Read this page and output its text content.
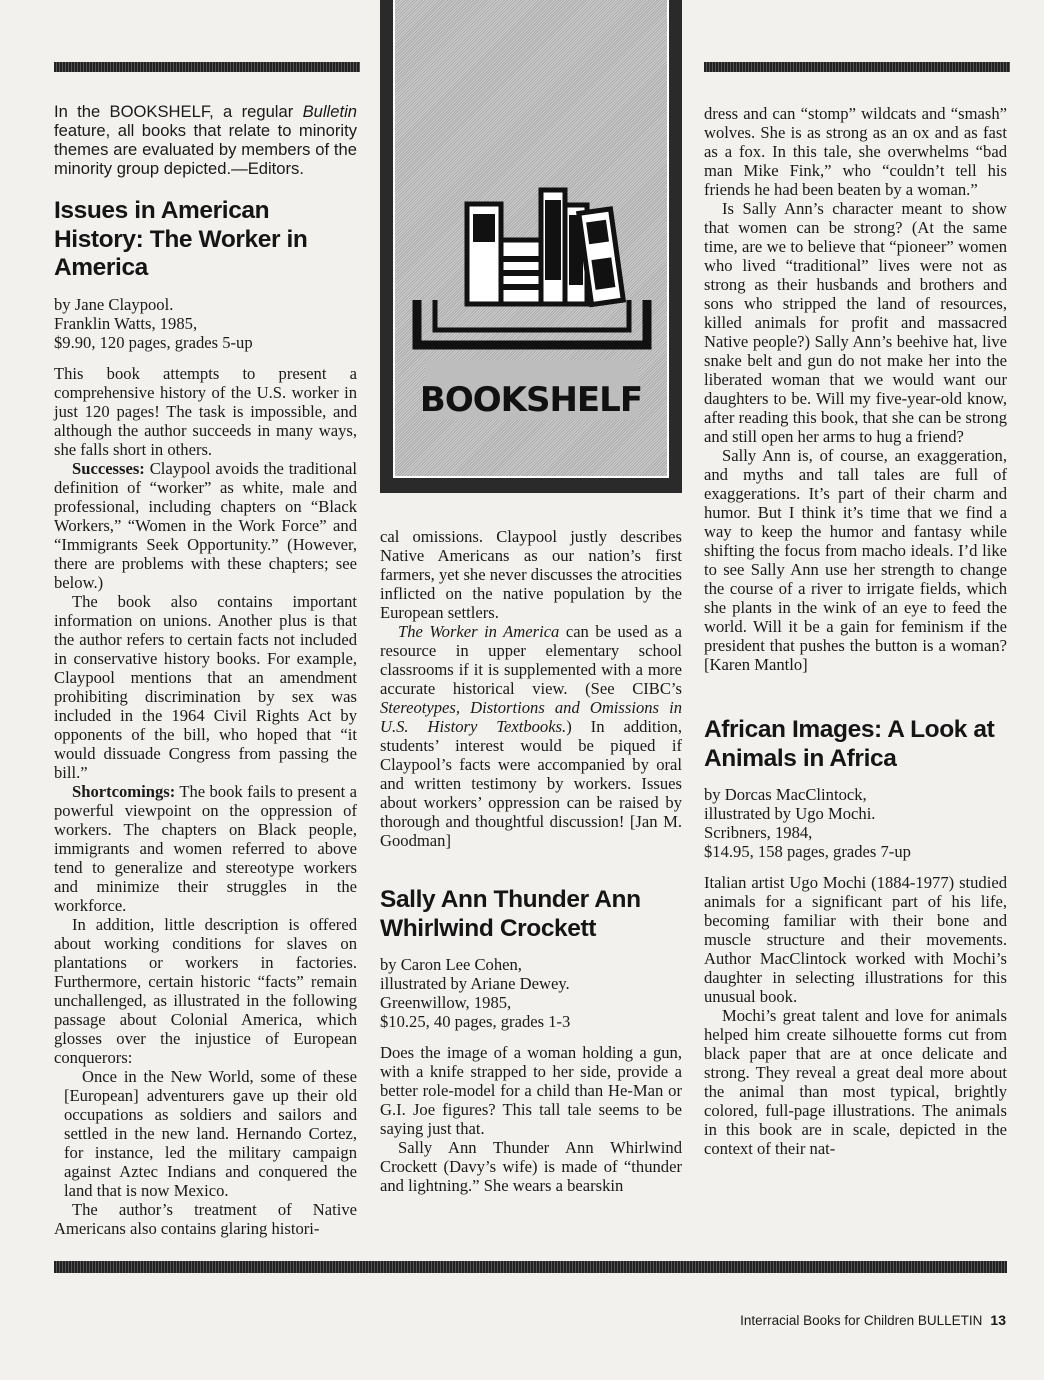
BOOKSHELF

In the BOOKSHELF, a regular Bulletin feature, all books that relate to minority themes are evaluated by members of the minority group depicted.—Editors.

Issues in American History: The Worker in America
by Jane Claypool.
Franklin Watts, 1985,
$9.90, 120 pages, grades 5-up

This book attempts to present a comprehensive history of the U.S. worker in just 120 pages! The task is impossible, and although the author succeeds in many ways, she falls short in others.

Successes: Claypool avoids the traditional definition of “worker” as white, male and professional, including chapters on “Black Workers,” “Women in the Work Force” and “Immigrants Seek Opportunity.” (However, there are problems with these chapters; see below.)

The book also contains important information on unions. Another plus is that the author refers to certain facts not included in conservative history books. For example, Claypool mentions that an amendment prohibiting discrimination by sex was included in the 1964 Civil Rights Act by opponents of the bill, who hoped that “it would dissuade Congress from passing the bill.”

Shortcomings: The book fails to present a powerful viewpoint on the oppression of workers. The chapters on Black people, immigrants and women referred to above tend to generalize and stereotype workers and minimize their struggles in the workforce.

In addition, little description is offered about working conditions for slaves on plantations or workers in factories. Furthermore, certain historic “facts” remain unchallenged, as illustrated in the following passage about Colonial America, which glosses over the injustice of European conquerors:

Once in the New World, some of these [European] adventurers gave up their old occupations as soldiers and sailors and settled in the new land. Hernando Cortez, for instance, led the military campaign against Aztec Indians and conquered the land that is now Mexico.

The author’s treatment of Native Americans also contains glaring histori-

cal omissions. Claypool justly describes Native Americans as our nation’s first farmers, yet she never discusses the atrocities inflicted on the native population by the European settlers.

The Worker in America can be used as a resource in upper elementary school classrooms if it is supplemented with a more accurate historical view. (See CIBC’s Stereotypes, Distortions and Omissions in U.S. History Textbooks.) In addition, students’ interest would be piqued if Claypool’s facts were accompanied by oral and written testimony by workers. Issues about workers’ oppression can be raised by thorough and thoughtful discussion! [Jan M. Goodman]

Sally Ann Thunder Ann Whirlwind Crockett
by Caron Lee Cohen,
illustrated by Ariane Dewey.
Greenwillow, 1985,
$10.25, 40 pages, grades 1-3

Does the image of a woman holding a gun, with a knife strapped to her side, provide a better role-model for a child than He-Man or G.I. Joe figures? This tall tale seems to be saying just that.

Sally Ann Thunder Ann Whirlwind Crockett (Davy’s wife) is made of “thunder and lightning.” She wears a bearskin

dress and can “stomp” wildcats and “smash” wolves. She is as strong as an ox and as fast as a fox. In this tale, she overwhelms “bad man Mike Fink,” who “couldn’t tell his friends he had been beaten by a woman.”

Is Sally Ann’s character meant to show that women can be strong? (At the same time, are we to believe that “pioneer” women who lived “traditional” lives were not as strong as their husbands and brothers and sons who stripped the land of resources, killed animals for profit and massacred Native people?) Sally Ann’s beehive hat, live snake belt and gun do not make her into the liberated woman that we would want our daughters to be. Will my five-year-old know, after reading this book, that she can be strong and still open her arms to hug a friend?

Sally Ann is, of course, an exaggeration, and myths and tall tales are full of exaggerations. It’s part of their charm and humor. But I think it’s time that we find a way to keep the humor and fantasy while shifting the focus from macho ideals. I’d like to see Sally Ann use her strength to change the course of a river to irrigate fields, which she plants in the wink of an eye to feed the world. Will it be a gain for feminism if the president that pushes the button is a woman? [Karen Mantlo]

African Images: A Look at Animals in Africa
by Dorcas MacClintock,
illustrated by Ugo Mochi.
Scribners, 1984,
$14.95, 158 pages, grades 7-up

Italian artist Ugo Mochi (1884-1977) studied animals for a significant part of his life, becoming familiar with their bone and muscle structure and their movements. Author MacClintock worked with Mochi’s daughter in selecting illustrations for this unusual book.

Mochi’s great talent and love for animals helped him create silhouette forms cut from black paper that are at once delicate and strong. They reveal a great deal more about the animal than most typical, brightly colored, full-page illustrations. The animals in this book are in scale, depicted in the context of their nat-

Interracial Books for Children BULLETIN 13
